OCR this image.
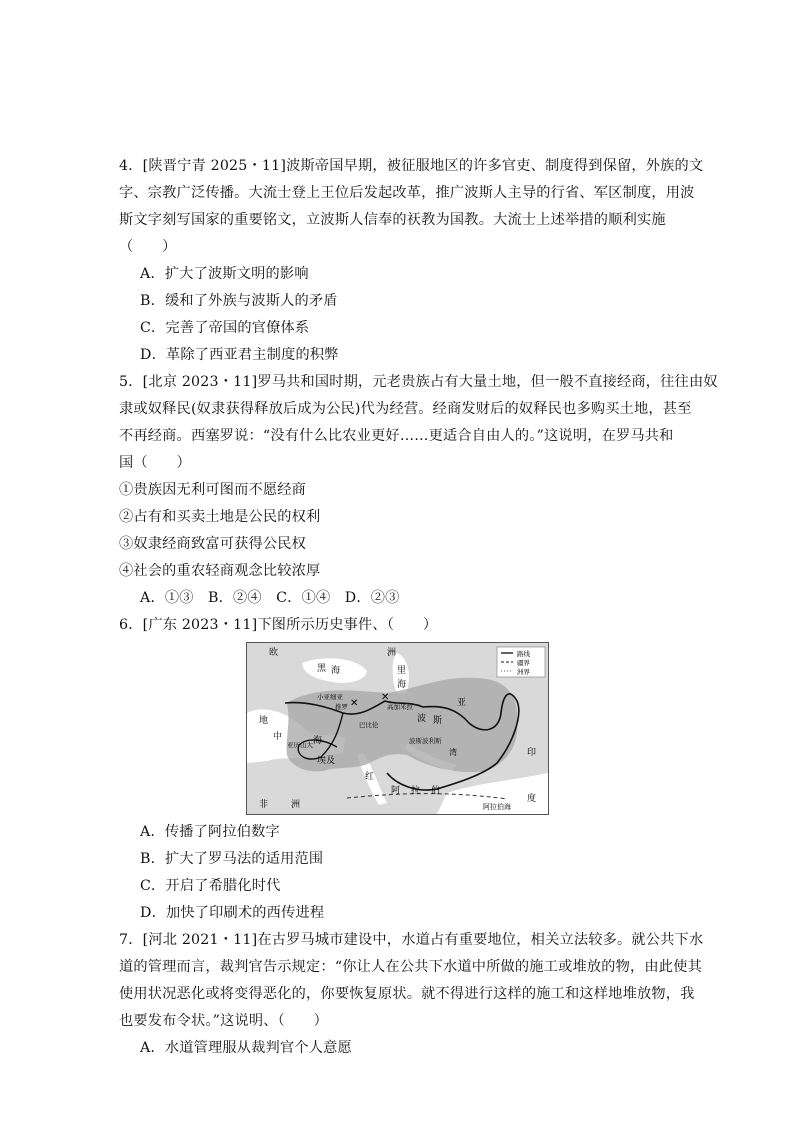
4．[陕晋宁青 2025・11]波斯帝国早期，被征服地区的许多官吏、制度得到保留，外族的文
字、宗教广泛传播。大流士登上王位后发起改革，推广波斯人主导的行省、军区制度，用波
斯文字刻写国家的重要铭文，立波斯人信奉的祆教为国教。大流士上述举措的顺利实施
（　　）
A．扩大了波斯文明的影响
B．缓和了外族与波斯人的矛盾
C．完善了帝国的官僚体系
D．革除了西亚君主制度的积弊
5．[北京 2023・11]罗马共和国时期，元老贵族占有大量土地，但一般不直接经商，往往由奴
隶或奴释民(奴隶获得释放后成为公民)代为经营。经商发财后的奴释民也多购买土地，甚至
不再经商。西塞罗说：“没有什么比农业更好……更适合自由人的。”这说明，在罗马共和
国（　　）
①贵族因无利可图而不愿经商
②占有和买卖土地是公民的权利
③奴隶经商致富可获得公民权
④社会的重农轻商观念比较浓厚
A．①③　B．②④　C．①④　D．②③
6．[广东 2023・11]下图所示历史事件、（　　）
✕
✕
路线
疆界
洲界
欧	洲
黑 海	里
海
地
中	海
小亚细亚
推罗	高加米拉
巴比伦
波斯波利斯
波 斯
亚
亚历山大
埃及
红
阿 拉 伯
非	洲
印
度
阿拉伯海
湾
A．传播了阿拉伯数字
B．扩大了罗马法的适用范围
C．开启了希腊化时代
D．加快了印刷术的西传进程
7．[河北 2021・11]在古罗马城市建设中，水道占有重要地位，相关立法较多。就公共下水
道的管理而言，裁判官告示规定：“你让人在公共下水道中所做的施工或堆放的物，由此使其
使用状况恶化或将变得恶化的，你要恢复原状。就不得进行这样的施工和这样地堆放物，我
也要发布令状。”这说明、（　　）
A．水道管理服从裁判官个人意愿
